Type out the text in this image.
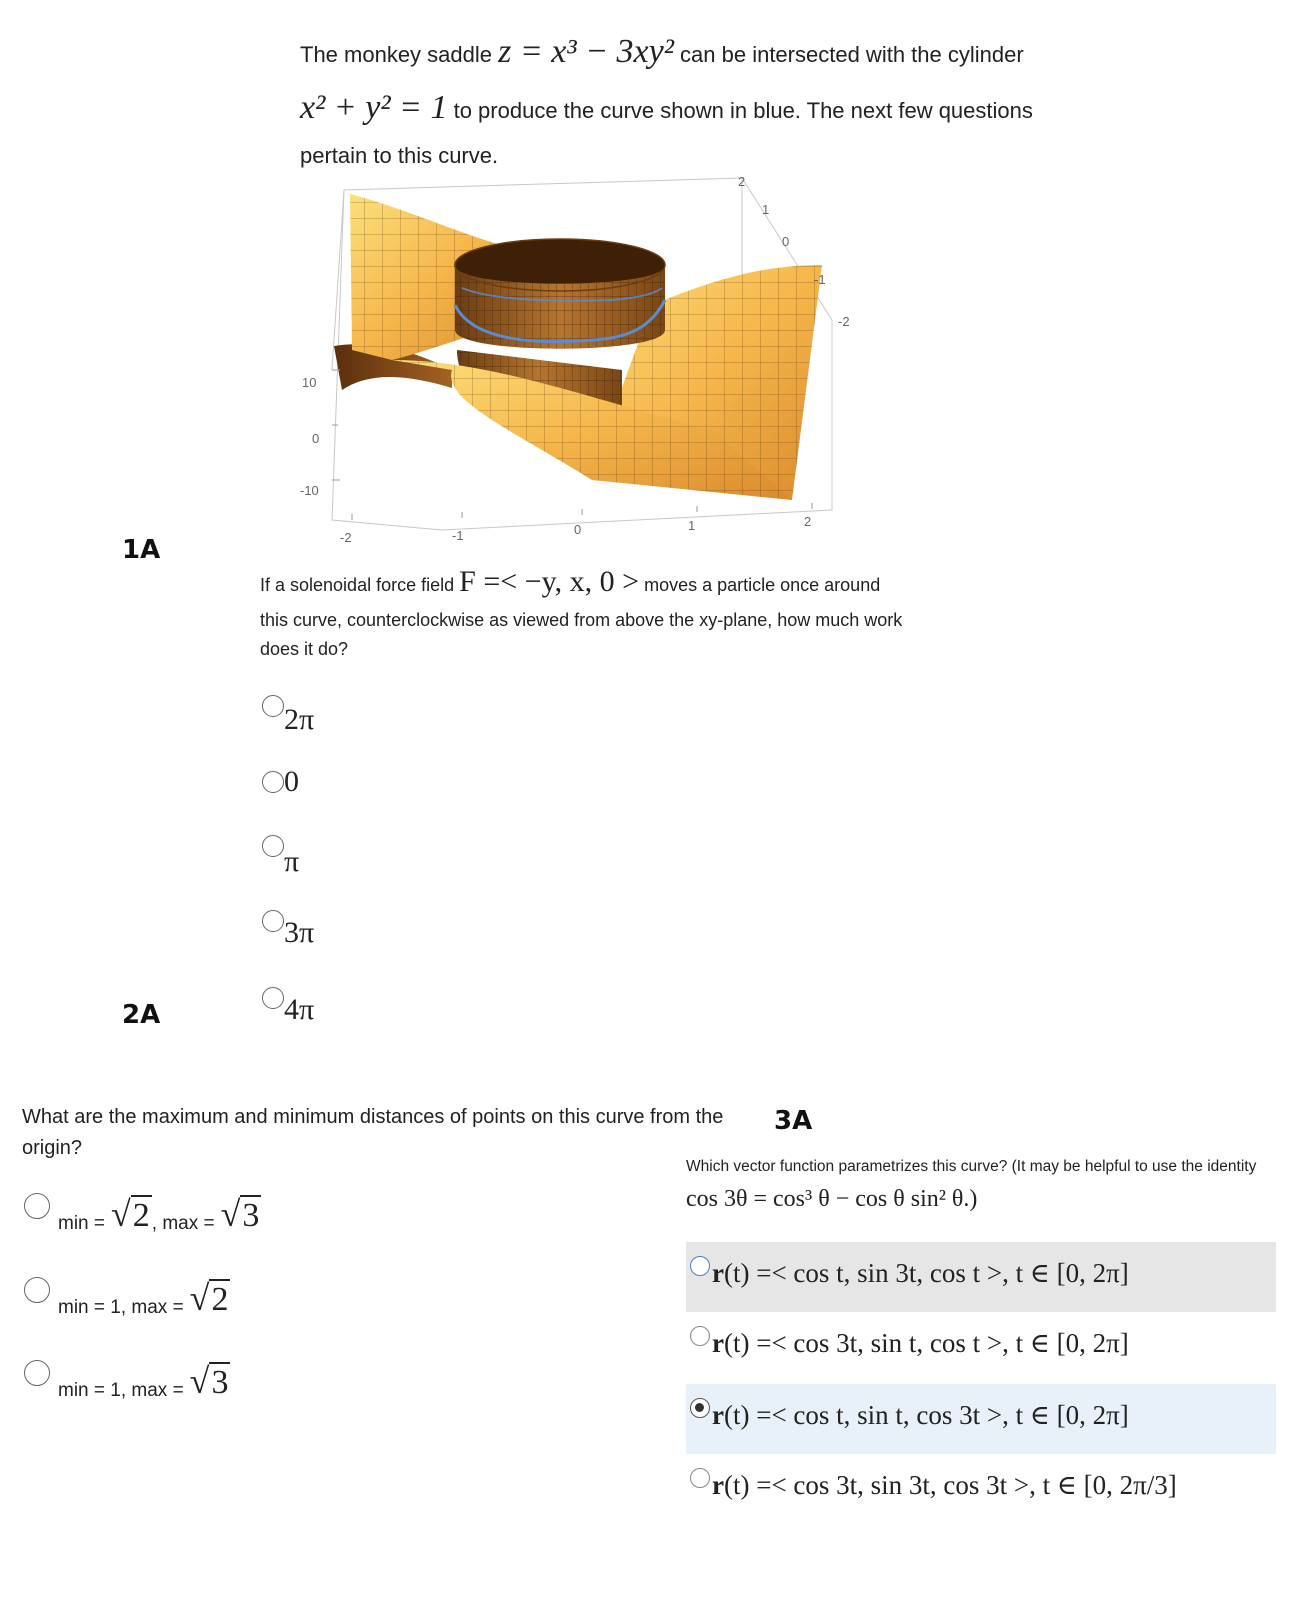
The monkey saddle z = x³ − 3xy² can be intersected with the cylinder
x² + y² = 1 to produce the curve shown in blue. The next few questions
pertain to this curve.
10
0
-10
-2	-1	0	1	2
2
1
0
-1
-2
1A
2A
3A
If a solenoidal force field F =< −y, x, 0 > moves a particle once around
this curve, counterclockwise as viewed from above the xy-plane, how much work
does it do?
2π
0
π
3π
4π
What are the maximum and minimum distances of points on this curve from the origin?
min = √2 , max = √3
min = 1, max = √2
min = 1, max = √3
Which vector function parametrizes this curve? (It may be helpful to use the identity
cos 3θ = cos³ θ − cos θ sin² θ.)
r(t) =< cos t, sin 3t, cos t >, t ∈ [0, 2π]
r(t) =< cos 3t, sin t, cos t >, t ∈ [0, 2π]
r(t) =< cos t, sin t, cos 3t >, t ∈ [0, 2π]
r(t) =< cos 3t, sin 3t, cos 3t >, t ∈ [0, 2π/3]
